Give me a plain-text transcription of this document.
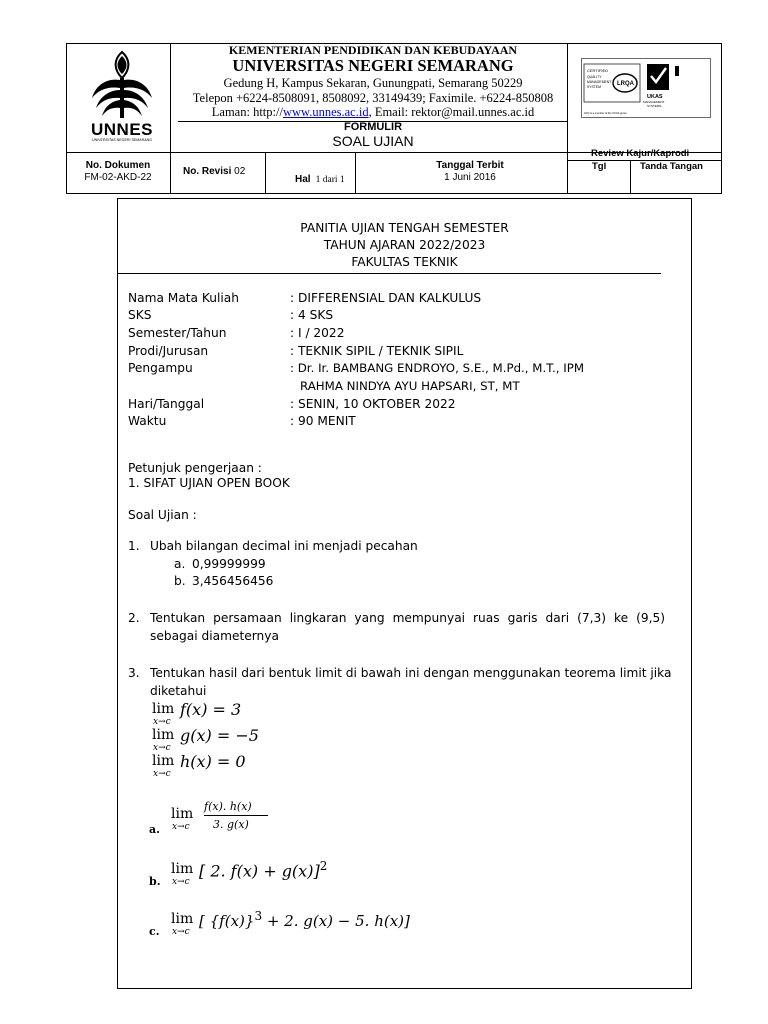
UNNES
UNIVERSITAS NEGERI SEMARANG
KEMENTERIAN PENDIDIKAN DAN KEBUDAYAAN
UNIVERSITAS NEGERI SEMARANG
Gedung H, Kampus Sekaran, Gunungpati, Semarang 50229
Telepon +6224-8508091, 8508092, 33149439; Faximile. +6224-850808
Laman: http://www.unnes.ac.id, Email: rektor@mail.unnes.ac.id
FORMULIR
SOAL UJIAN
CERTIFIED
QUALITY
MANAGEMENT
SYSTEM	LRQA
UKAS
MANAGEMENT
SYSTEMS
LRQ is a member of the UKAS group
No. Dokumen
FM-02-AKD-22
No. Revisi 02
Hal 1 dari 1
Tanggal Terbit
1 Juni 2016
Review Kajur/Kaprodi
Tgl	Tanda Tangan
PANITIA UJIAN TENGAH SEMESTER
TAHUN AJARAN 2022/2023
FAKULTAS TEKNIK
Nama Mata Kuliah	: DIFFERENSIAL DAN KALKULUS
SKS	: 4 SKS
Semester/Tahun	: I / 2022
Prodi/Jurusan	: TEKNIK SIPIL / TEKNIK SIPIL
Pengampu	: Dr. Ir. BAMBANG ENDROYO, S.E., M.Pd., M.T., IPM
RAHMA NINDYA AYU HAPSARI, ST, MT
Hari/Tanggal	: SENIN, 10 OKTOBER 2022
Waktu	: 90 MENIT
Petunjuk pengerjaan :
1. SIFAT UJIAN OPEN BOOK
Soal Ujian :
1. Ubah bilangan decimal ini menjadi pecahan
a. 0,99999999
b. 3,456456456
2. Tentukan persamaan lingkaran yang mempunyai ruas garis dari (7,3) ke (9,5)
sebagai diameternya
3. Tentukan hasil dari bentuk limit di bawah ini dengan menggunakan teorema limit jika
diketahui
lim
x→c
f(x) = 3
lim
x→c
g(x) = −5
lim
x→c
h(x) = 0
a.
lim
x→c
f(x). h(x)
3. g(x)
b.
lim
x→c
[ 2. f(x) + g(x)]$^2$
c.
lim
x→c
[ $\{f(x)\}^3 + 2$. g(x) − 5. h(x)]
